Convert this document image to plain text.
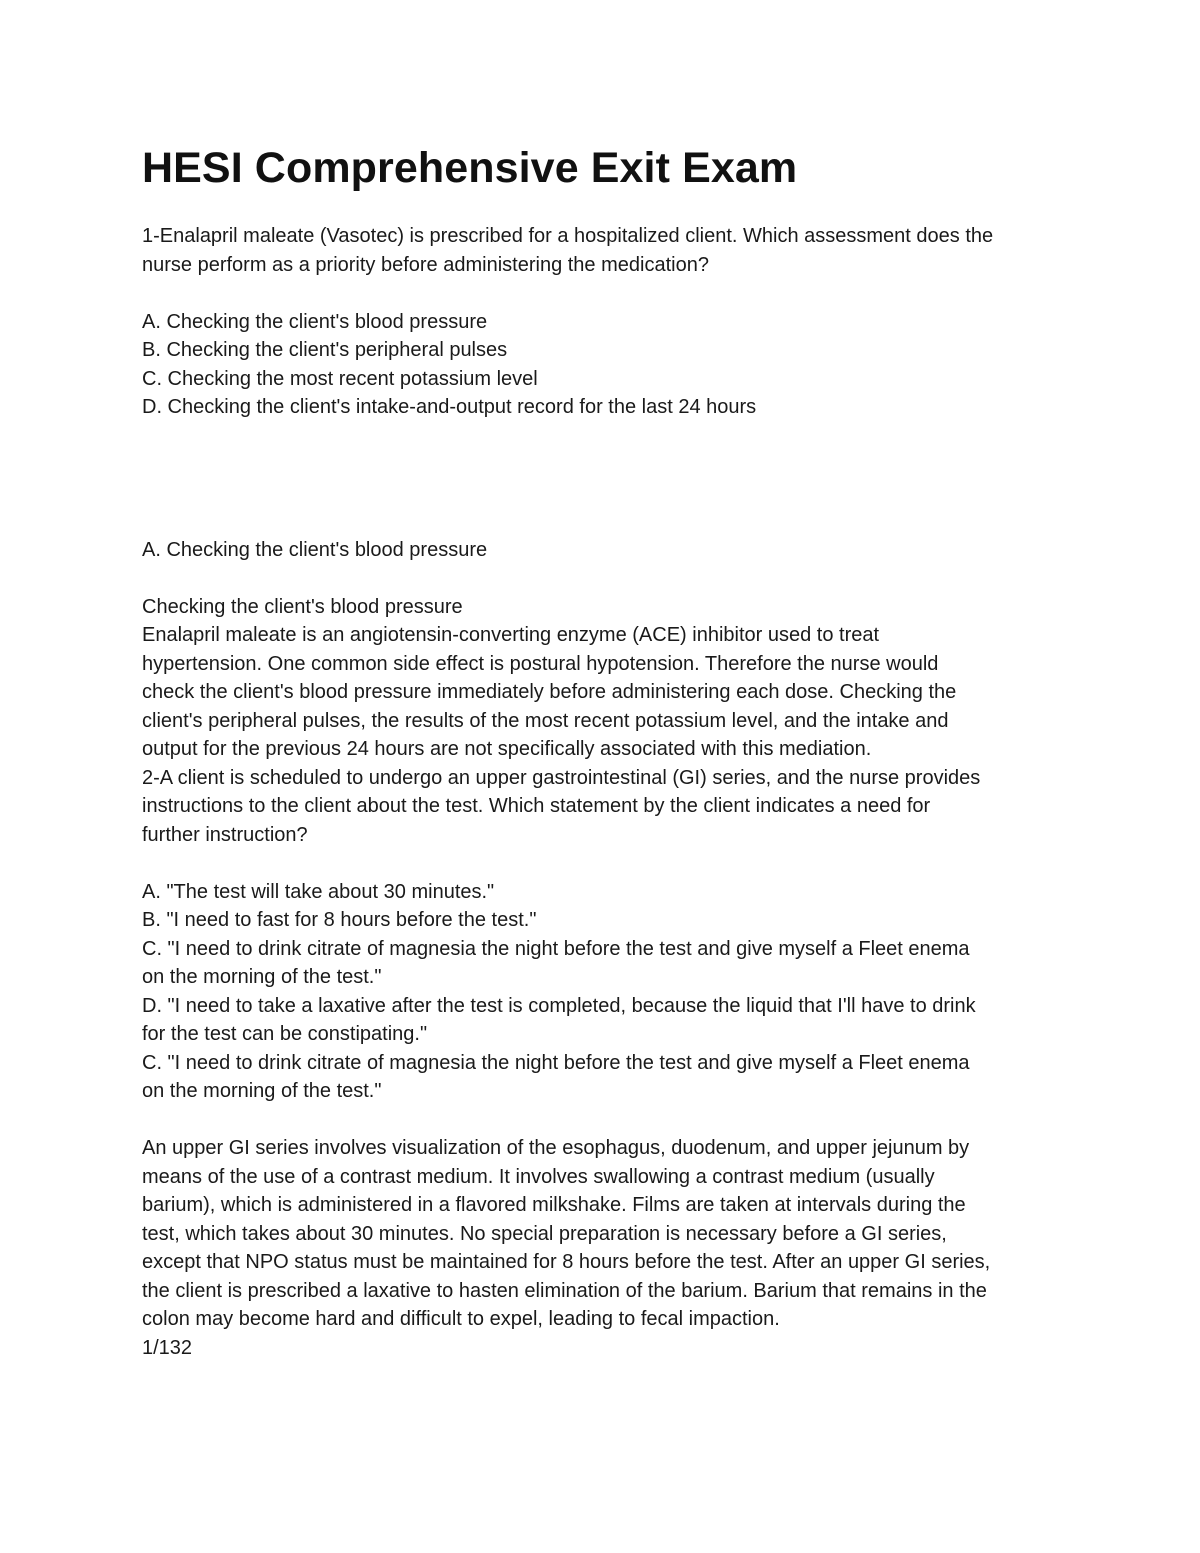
HESI Comprehensive Exit Exam

1-Enalapril maleate (Vasotec) is prescribed for a hospitalized client. Which assessment does the

nurse perform as a priority before administering the medication?

A. Checking the client's blood pressure

B. Checking the client's peripheral pulses

C. Checking the most recent potassium level

D. Checking the client's intake-and-output record for the last 24 hours

A. Checking the client's blood pressure

Checking the client's blood pressure

Enalapril maleate is an angiotensin-converting enzyme (ACE) inhibitor used to treat

hypertension. One common side effect is postural hypotension. Therefore the nurse would

check the client's blood pressure immediately before administering each dose. Checking the

client's peripheral pulses, the results of the most recent potassium level, and the intake and

output for the previous 24 hours are not specifically associated with this mediation.

2-A client is scheduled to undergo an upper gastrointestinal (GI) series, and the nurse provides

instructions to the client about the test. Which statement by the client indicates a need for

further instruction?

A. "The test will take about 30 minutes."

B. "I need to fast for 8 hours before the test."

C. "I need to drink citrate of magnesia the night before the test and give myself a Fleet enema

on the morning of the test."

D. "I need to take a laxative after the test is completed, because the liquid that I'll have to drink

for the test can be constipating."

C. "I need to drink citrate of magnesia the night before the test and give myself a Fleet enema

on the morning of the test."

An upper GI series involves visualization of the esophagus, duodenum, and upper jejunum by

means of the use of a contrast medium. It involves swallowing a contrast medium (usually

barium), which is administered in a flavored milkshake. Films are taken at intervals during the

test, which takes about 30 minutes. No special preparation is necessary before a GI series,

except that NPO status must be maintained for 8 hours before the test. After an upper GI series,

the client is prescribed a laxative to hasten elimination of the barium. Barium that remains in the

colon may become hard and difficult to expel, leading to fecal impaction.

1/132
